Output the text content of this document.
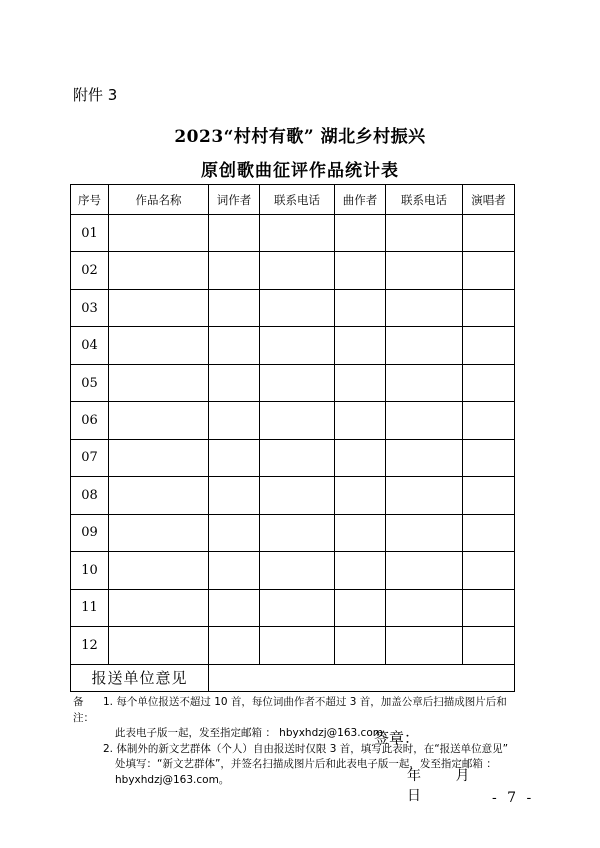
附件 3
2023“村村有歌” 湖北乡村振兴
原创歌曲征评作品统计表
序号	作品名称	词作者	联系电话	曲作者	联系电话	演唱者
01						
02						
03						
04						
05						
06						
07						
08						
09						
10						
11						
12						
报送单位意见		签章：
年 月 日				
备注：
1. 每个单位报送不超过 10 首，每位词曲作者不超过 3 首，加盖公章后扫描成图片后和
此表电子版一起，发至指定邮箱 ： hbyxhdzj@163.com。
2. 体制外的新文艺群体（个人）自由报送时仅限 3 首，填写此表时，在“报送单位意见”
处填写：“新文艺群体”，并签名扫描成图片后和此表电子版一起，发至指定邮箱 ：
hbyxhdzj@163.com。
- 7 -
